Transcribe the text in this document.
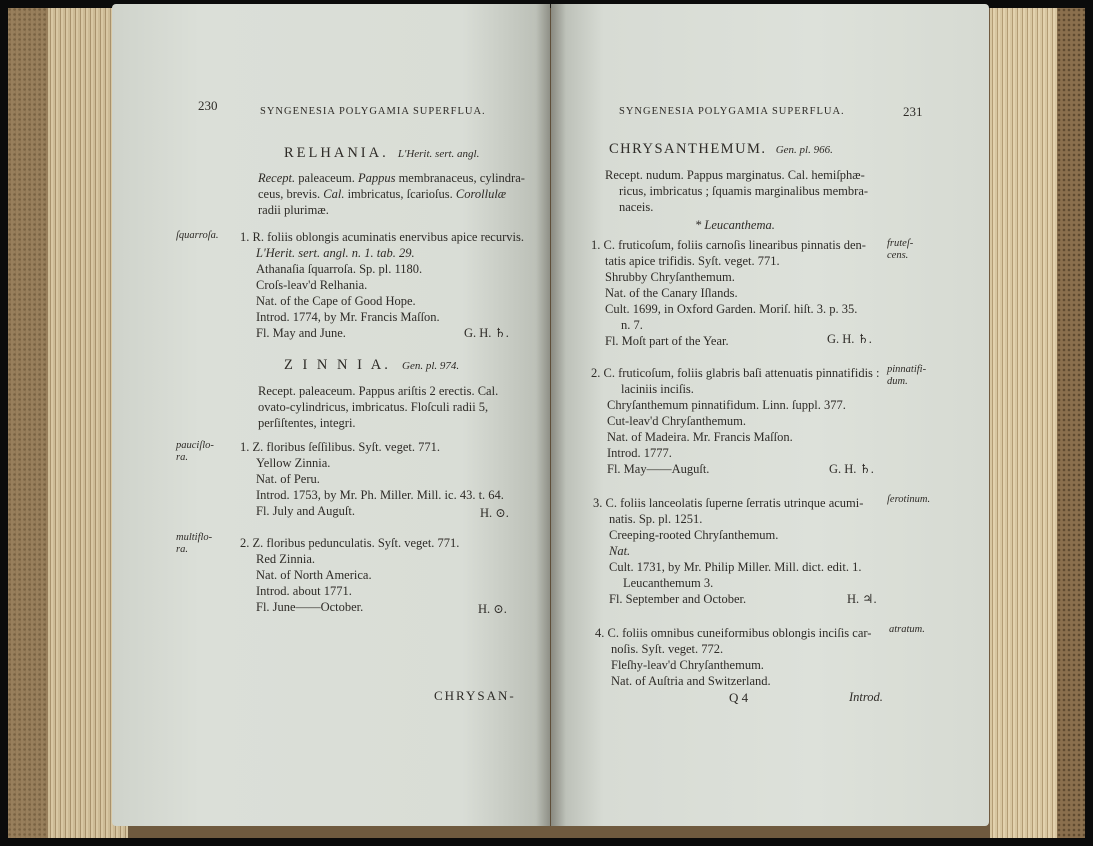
230	SYNGENESIA POLYGAMIA SUPERFLUA.
RELHANIA. L'Herit. sert. angl.
Recept. paleaceum. Pappus membranaceus, cylindra-
ceus, brevis. Cal. imbricatus, ſcarioſus. Corollulæ
radii plurimæ.
ſquarroſa. 1. R. foliis oblongis acuminatis enervibus apice recurvis.
L'Herit. sert. angl. n. 1. tab. 29.
Athanaſia ſquarroſa. Sp. pl. 1180.
Croſs-leav'd Relhania.
Nat. of the Cape of Good Hope.
Introd. 1774, by Mr. Francis Maſſon.
Fl. May and June.	G. H. ♄.
Z I N N I A. Gen. pl. 974.
Recept. paleaceum. Pappus ariſtis 2 erectis. Cal.
ovato-cylindricus, imbricatus. Floſculi radii 5,
perſiſtentes, integri.
pauciſlo-
ra.
1. Z. floribus ſeſſilibus. Syſt. veget. 771.
Yellow Zinnia.
Nat. of Peru.
Introd. 1753, by Mr. Ph. Miller. Mill. ic. 43. t. 64.
Fl. July and Auguſt.	H. ⊙.
multiflo-
ra.	2. Z. floribus pedunculatis. Syſt. veget. 771.
Red Zinnia.
Nat. of North America.
Introd. about 1771.
Fl. June——October.	H. ⊙.
CHRYSAN-
SYNGENESIA POLYGAMIA SUPERFLUA.	231
CHRYSANTHEMUM. Gen. pl. 966.
Recept. nudum. Pappus marginatus. Cal. hemiſphæ-
ricus, imbricatus ; ſquamis marginalibus membra-
naceis.
* Leucanthema.
fruteſ-
cens.
1. C. fruticoſum, foliis carnoſis linearibus pinnatis den-
tatis apice trifidis. Syſt. veget. 771.
Shrubby Chryſanthemum.
Nat. of the Canary Iſlands.
Cult. 1699, in Oxford Garden. Moriſ. hiſt. 3. p. 35.
n. 7.
Fl. Moſt part of the Year.	G. H. ♄.
pinnatifi-
dum.
2. C. fruticoſum, foliis glabris baſi attenuatis pinnatifidis :
laciniis inciſis.
Chryſanthemum pinnatifidum. Linn. ſuppl. 377.
Cut-leav'd Chryſanthemum.
Nat. of Madeira. Mr. Francis Maſſon.
Introd. 1777.
Fl. May——Auguſt.	G. H. ♄.
ſerotinum.
3. C. foliis lanceolatis ſuperne ſerratis utrinque acumi-
natis. Sp. pl. 1251.
Creeping-rooted Chryſanthemum.
Nat.
Cult. 1731, by Mr. Philip Miller. Mill. dict. edit. 1.
Leucanthemum 3.
Fl. September and October.	H. ♃.
atratum.
4. C. foliis omnibus cuneiformibus oblongis inciſis car-
noſis. Syſt. veget. 772.
Fleſhy-leav'd Chryſanthemum.
Nat. of Auſtria and Switzerland.
Q 4	Introd.
